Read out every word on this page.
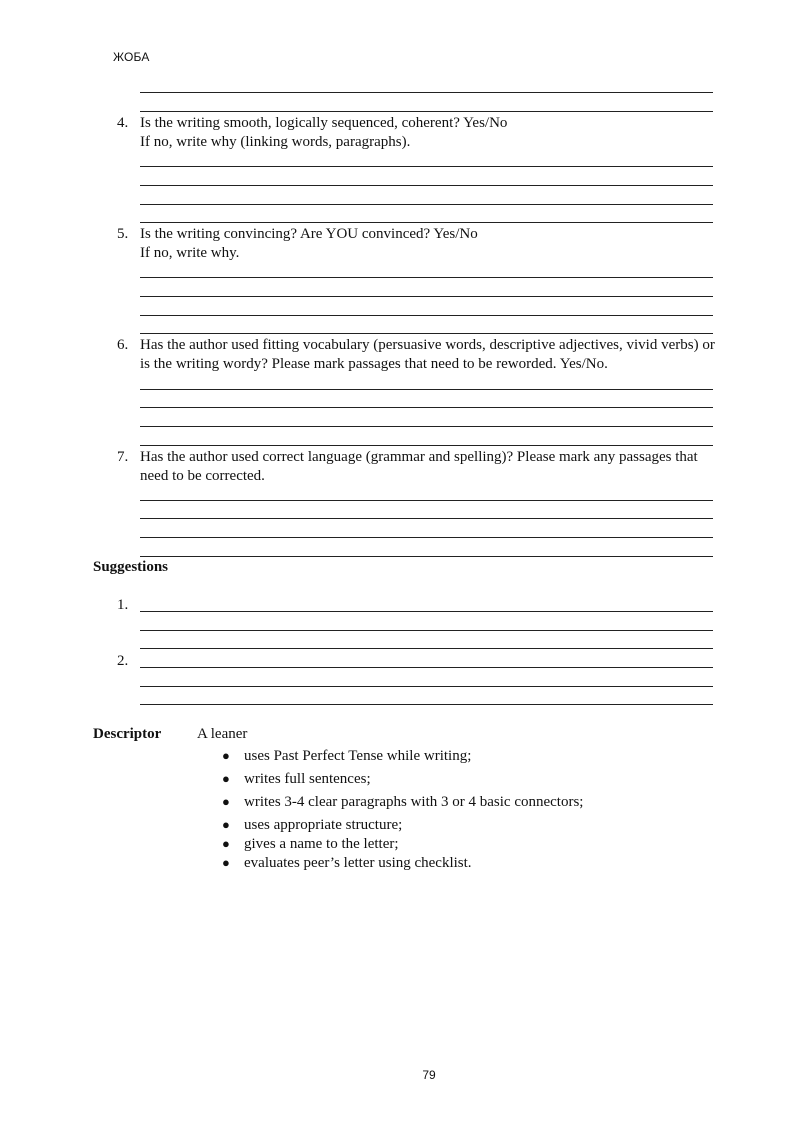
ЖОБА
4. Is the writing smooth, logically sequenced, coherent? Yes/No
If no, write why (linking words, paragraphs).
5. Is the writing convincing? Are YOU convinced? Yes/No
If no, write why.
6. Has the author used fitting vocabulary (persuasive words, descriptive adjectives, vivid verbs) or is the writing wordy? Please mark passages that need to be reworded. Yes/No.
7. Has the author used correct language (grammar and spelling)? Please mark any passages that need to be corrected.
Suggestions
1.
2.
Descriptor A leaner
● uses Past Perfect Tense while writing;
● writes full sentences;
● writes 3-4 clear paragraphs with 3 or 4 basic connectors;
● uses appropriate structure;
● gives a name to the letter;
● evaluates peer’s letter using checklist.
79
